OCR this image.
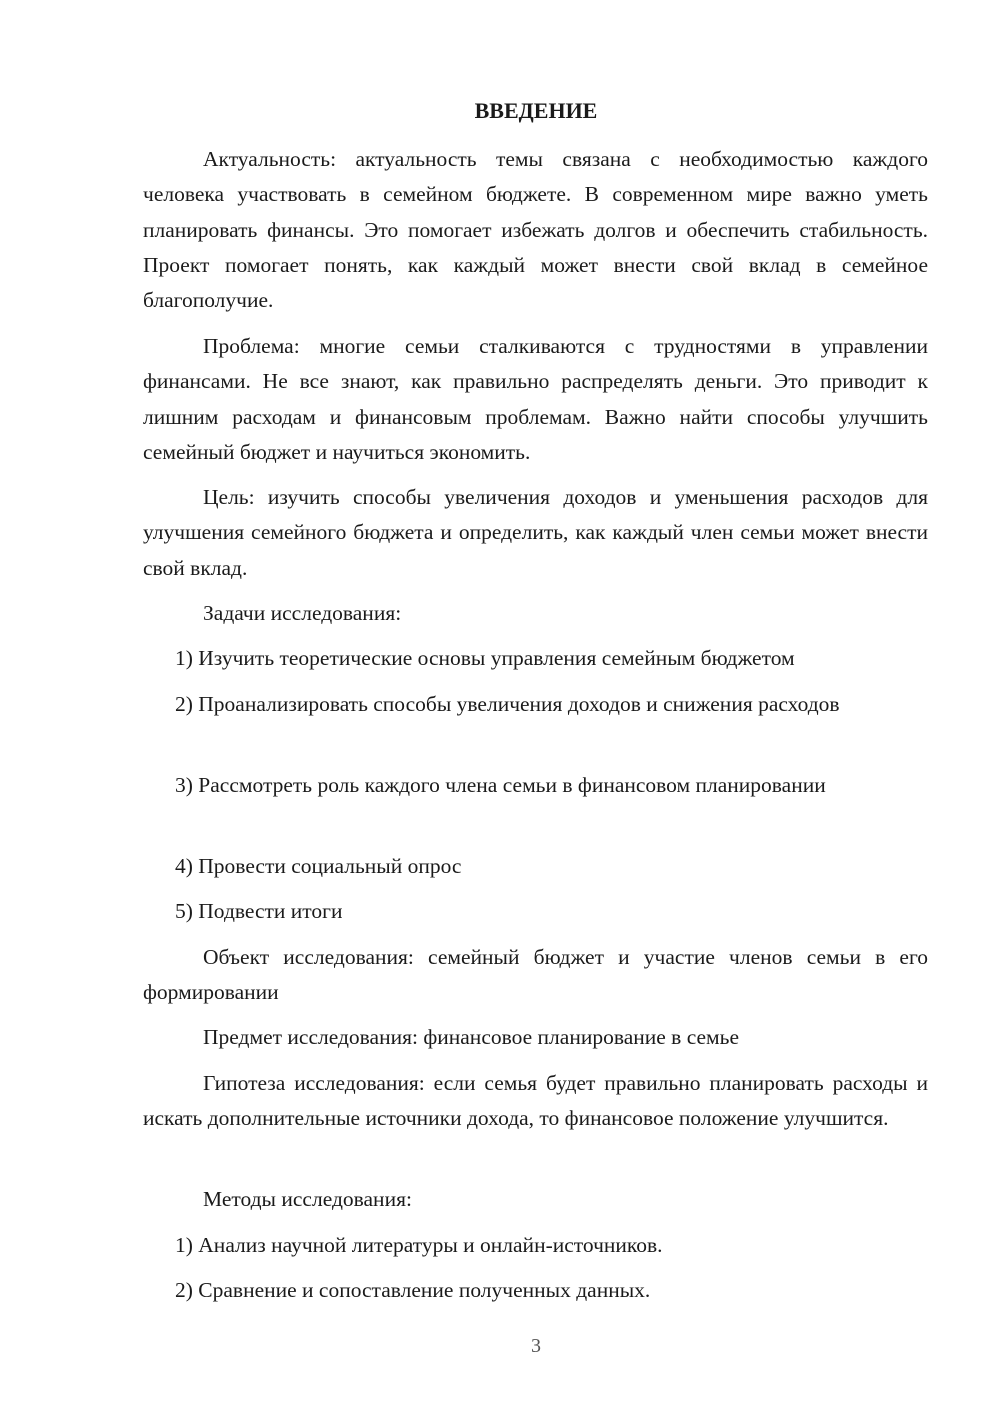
ВВЕДЕНИЕ

Актуальность: актуальность темы связана с необходимостью каждого человека участвовать в семейном бюджете. В современном мире важно уметь планировать финансы. Это помогает избежать долгов и обеспечить стабильность. Проект помогает понять, как каждый может внести свой вклад в семейное благополучие.

Проблема: многие семьи сталкиваются с трудностями в управлении финансами. Не все знают, как правильно распределять деньги. Это приводит к лишним расходам и финансовым проблемам. Важно найти способы улучшить семейный бюджет и научиться экономить.

Цель: изучить способы увеличения доходов и уменьшения расходов для улучшения семейного бюджета и определить, как каждый член семьи может внести свой вклад.

Задачи исследования:

1) Изучить теоретические основы управления семейным бюджетом

2) Проанализировать способы увеличения доходов и снижения расходов

3) Рассмотреть роль каждого члена семьи в финансовом планировании

4) Провести социальный опрос

5) Подвести итоги

Объект исследования: семейный бюджет и участие членов семьи в его формировании

Предмет исследования: финансовое планирование в семье

Гипотеза исследования: если семья будет правильно планировать расходы и искать дополнительные источники дохода, то финансовое положение улучшится.

Методы исследования:

1) Анализ научной литературы и онлайн-источников.

2) Сравнение и сопоставление полученных данных.

3
